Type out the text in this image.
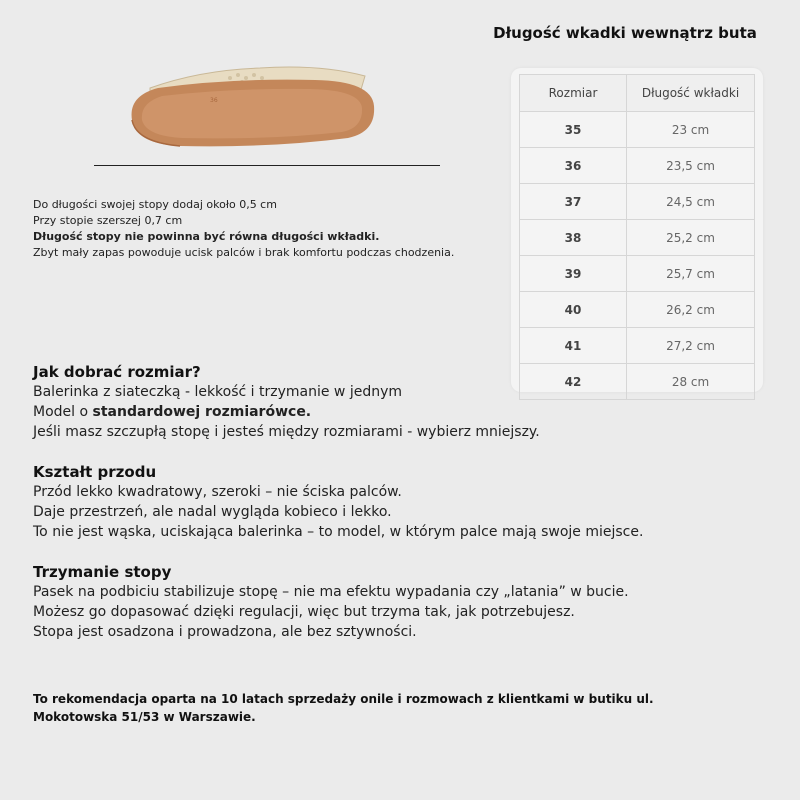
Długość wkadki wewnątrz buta
36
Do długości swojej stopy dodaj około 0,5 cm
Przy stopie szerszej 0,7 cm
Długość stopy nie powinna być równa długości wkładki.
Zbyt mały zapas powoduje ucisk palców i brak komfortu podczas chodzenia.
Rozmiar	Długość wkładki
35	23 cm
36	23,5 cm
37	24,5 cm
38	25,2 cm
39	25,7 cm
40	26,2 cm
41	27,2 cm
42	28 cm
Jak dobrać rozmiar?

Balerinka z siateczką - lekkość i trzymanie w jednym

Model o standardowej rozmiarówce.

Jeśli masz szczupłą stopę i jesteś między rozmiarami - wybierz mniejszy.

Kształt przodu

Przód lekko kwadratowy, szeroki – nie ściska palców.

Daje przestrzeń, ale nadal wygląda kobieco i lekko.

To nie jest wąska, uciskająca balerinka – to model, w którym palce mają swoje miejsce.

Trzymanie stopy

Pasek na podbiciu stabilizuje stopę – nie ma efektu wypadania czy „latania” w bucie.

Możesz go dopasować dzięki regulacji, więc but trzyma tak, jak potrzebujesz.

Stopa jest osadzona i prowadzona, ale bez sztywności.

To rekomendacja oparta na 10 latach sprzedaży onile i rozmowach z klientkami w butiku ul.
Mokotowska 51/53 w Warszawie.
